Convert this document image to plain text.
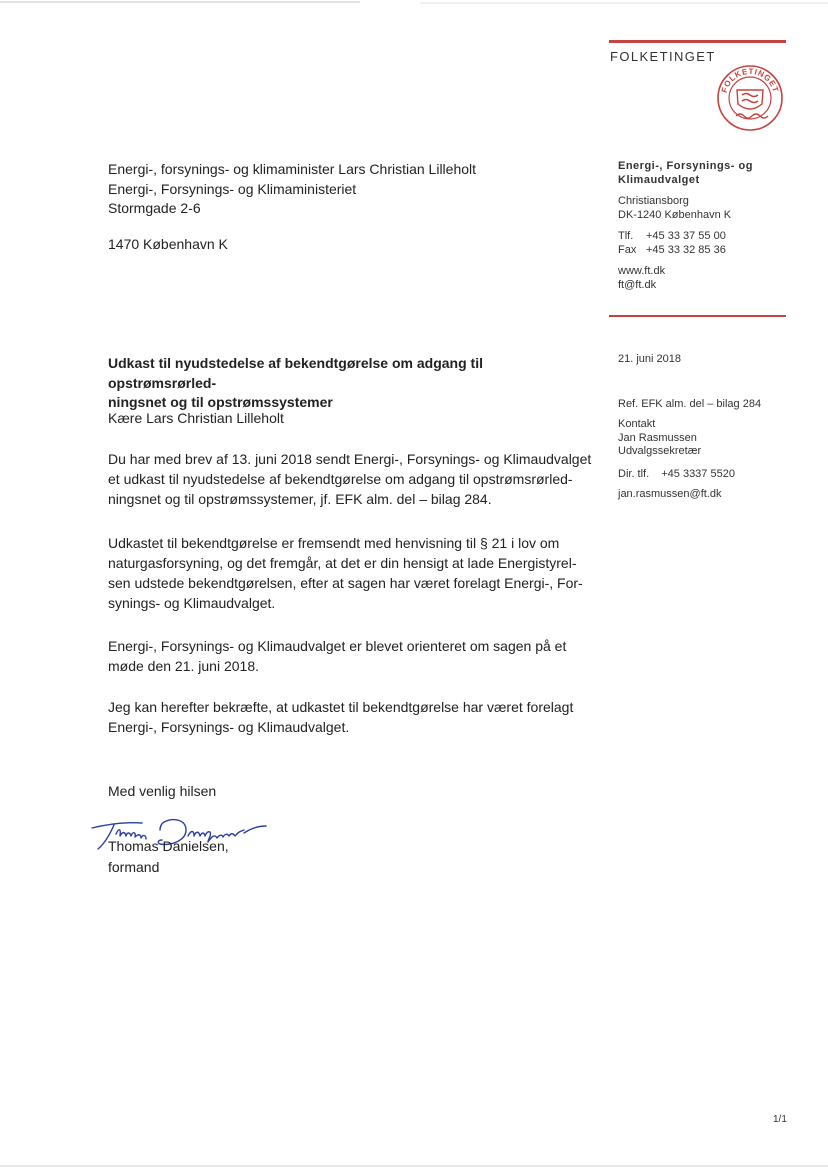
FOLKETINGET
FOLKETINGET
Energi-, forsynings- og klimaminister Lars Christian Lilleholt
Energi-, Forsynings- og Klimaministeriet
Stormgade 2-6
1470 København K
Energi-, Forsynings- og
Klimaudvalget
Christiansborg
DK-1240 København K
Tlf.	+45 33 37 55 00
Fax +45 33 32 85 36
www.ft.dk
ft@ft.dk
21. juni 2018
Ref. EFK alm. del – bilag 284
Kontakt
Jan Rasmussen
Udvalgssekretær
Dir. tlf. +45 3337 5520
jan.rasmussen@ft.dk
Udkast til nyudstedelse af bekendtgørelse om adgang til opstrømsrørled-
ningsnet og til opstrømssystemer
Kære Lars Christian Lilleholt
Du har med brev af 13. juni 2018 sendt Energi-, Forsynings- og Klimaudvalget
et udkast til nyudstedelse af bekendtgørelse om adgang til opstrømsrørled-
ningsnet og til opstrømssystemer, jf. EFK alm. del – bilag 284.
Udkastet til bekendtgørelse er fremsendt med henvisning til § 21 i lov om
naturgasforsyning, og det fremgår, at det er din hensigt at lade Energistyrel-
sen udstede bekendtgørelsen, efter at sagen har været forelagt Energi-, For-
synings- og Klimaudvalget.
Energi-, Forsynings- og Klimaudvalget er blevet orienteret om sagen på et
møde den 21. juni 2018.
Jeg kan herefter bekræfte, at udkastet til bekendtgørelse har været forelagt
Energi-, Forsynings- og Klimaudvalget.
Med venlig hilsen
Thomas Danielsen,
formand
1/1
